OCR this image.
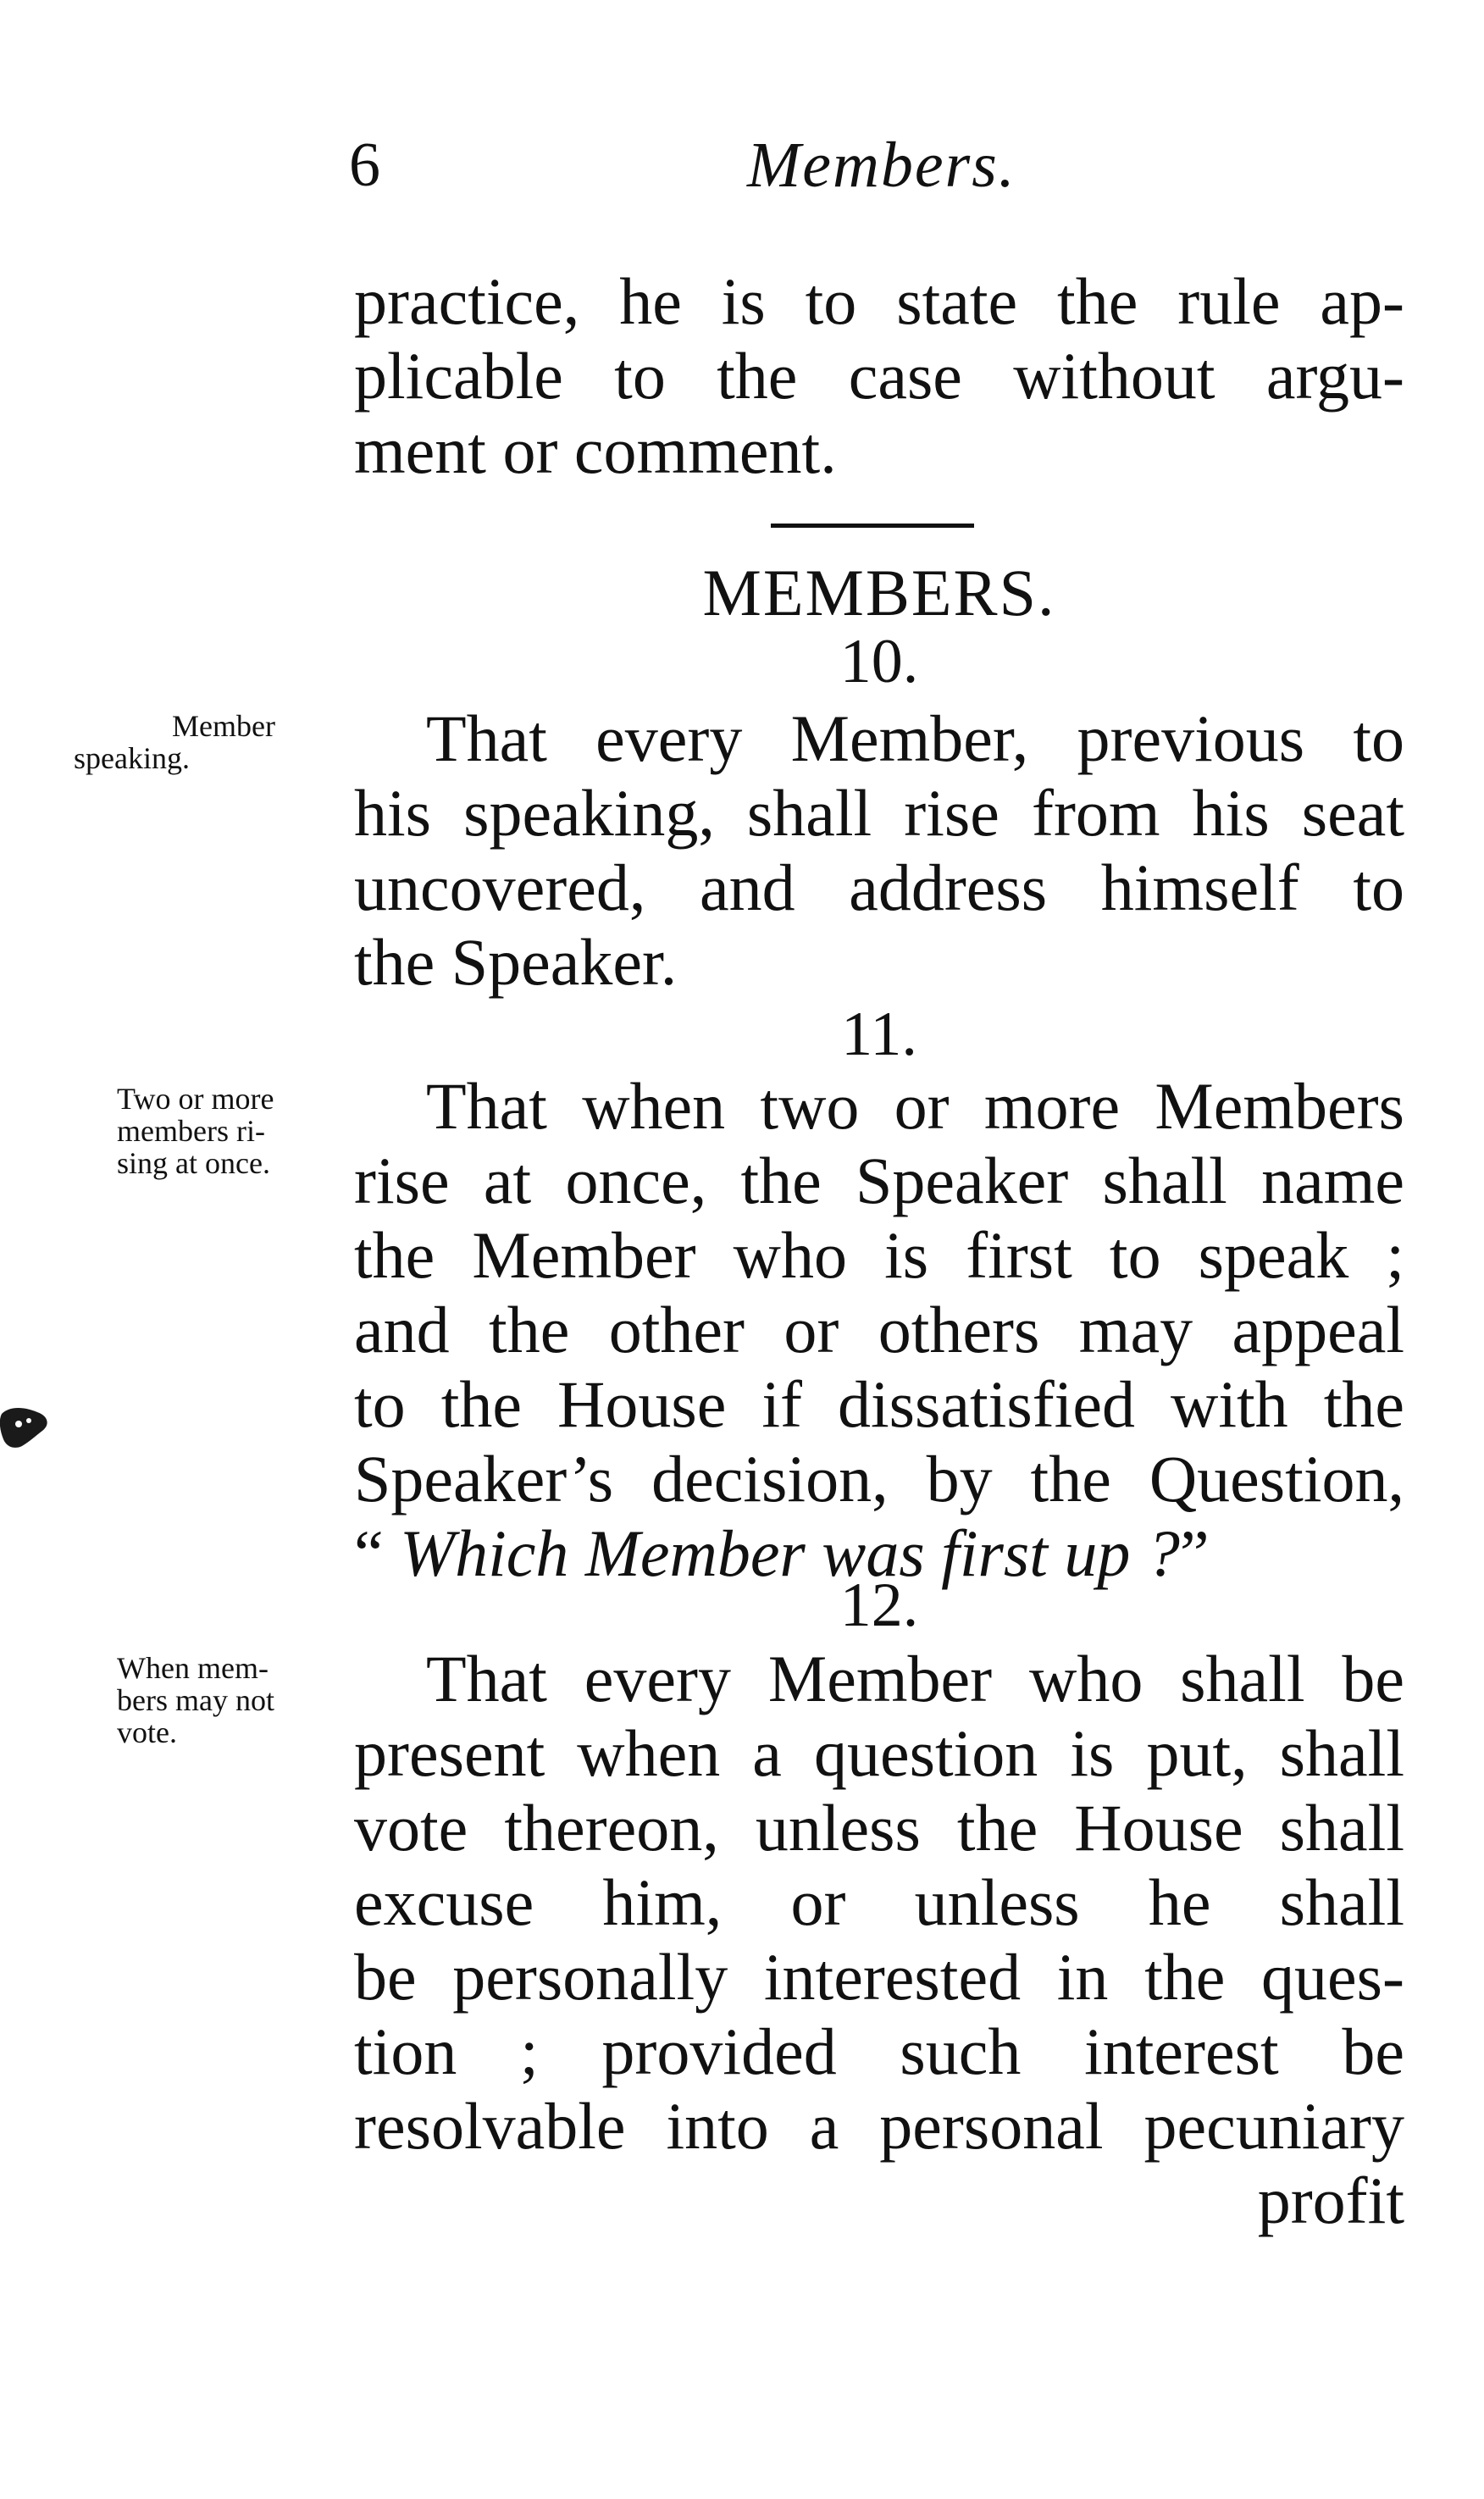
6	Members.
practice, he is to state the rule ap-
plicable to the case without argu-
ment or comment.
MEMBERS.
10.
Member
speaking.	That every Member, previous to
his speaking, shall rise from his seat
uncovered, and address himself to
the Speaker.
11.
Two or more
members ri-
sing at once.
That when two or more Members
rise at once, the Speaker shall name
the Member who is first to speak ;
and the other or others may appeal
to the House if dissatisfied with the
Speaker’s decision, by the Question,
“ Which Member was first up ?”
12.
When mem-
bers may not
vote.
That every Member who shall be
present when a question is put, shall
vote thereon, unless the House shall
excuse him, or unless he shall
be personally interested in the ques-
tion ; provided such interest be
resolvable into a personal pecuniary
profit
